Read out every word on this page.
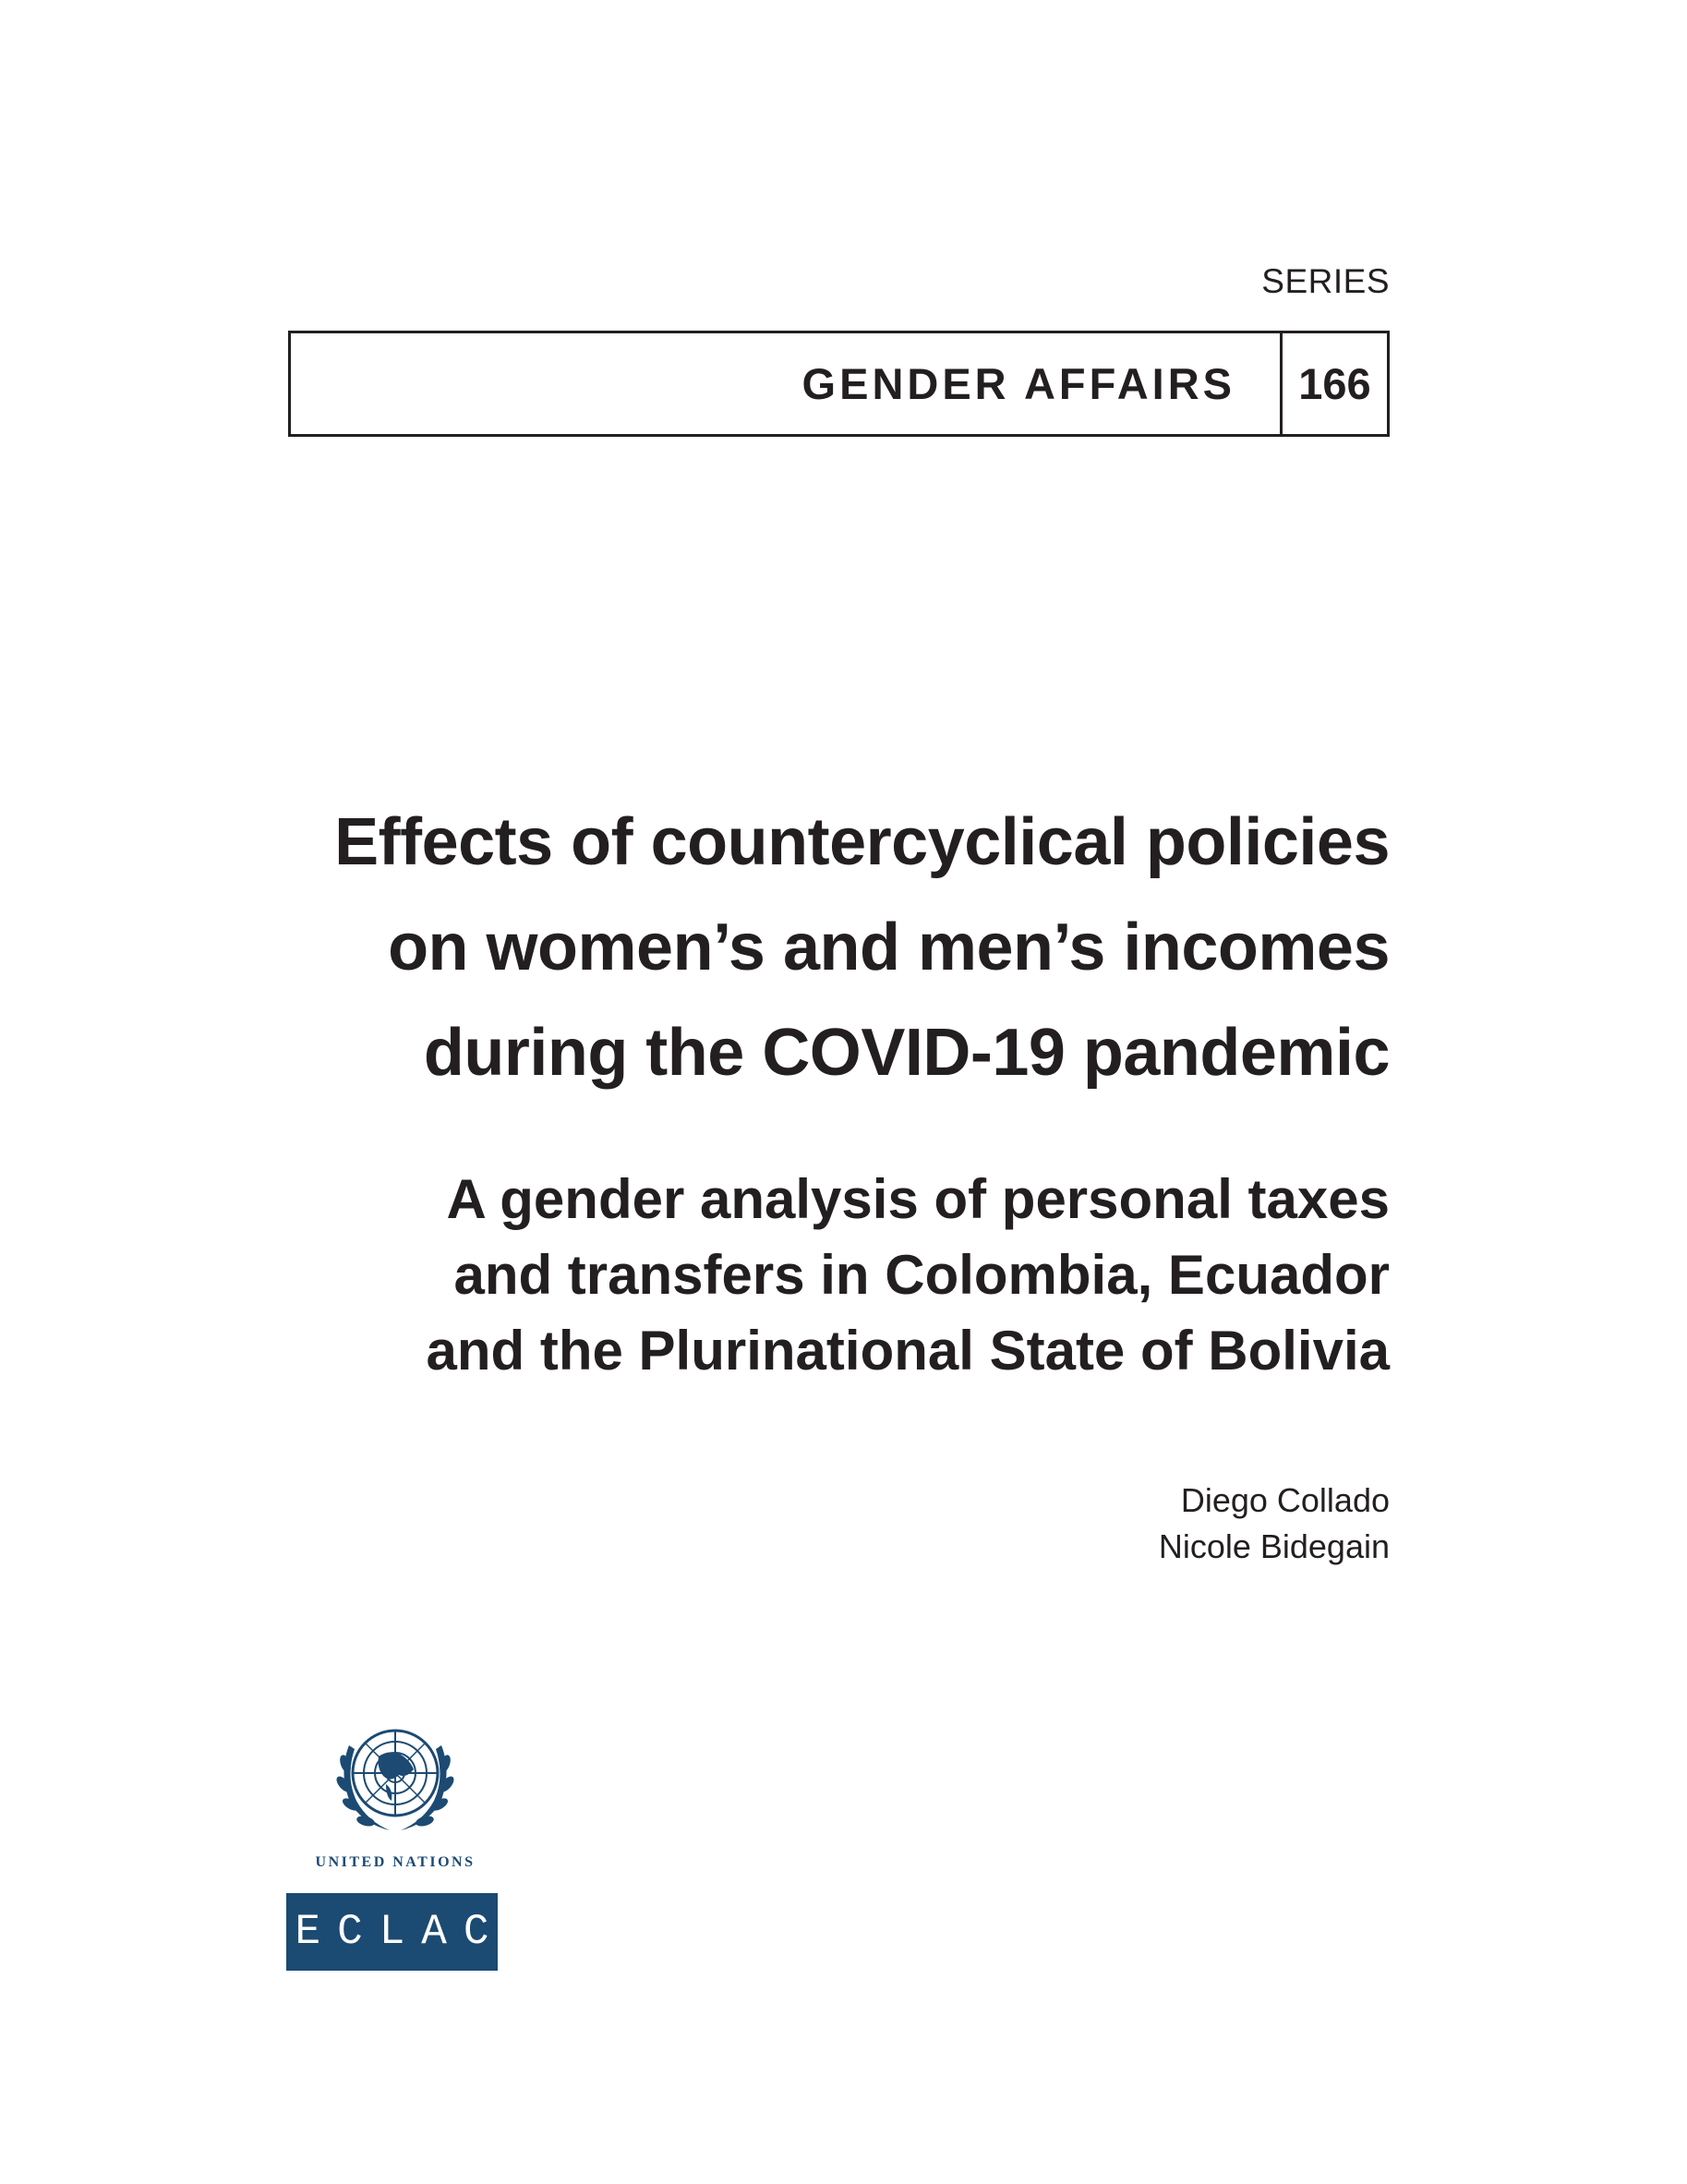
SERIES
GENDER AFFAIRS	166
Effects of countercyclical policies
on women’s and men’s incomes
during the COVID-19 pandemic
A gender analysis of personal taxes
and transfers in Colombia, Ecuador
and the Plurinational State of Bolivia
Diego Collado
Nicole Bidegain
UNITED NATIONS
ECLAC
